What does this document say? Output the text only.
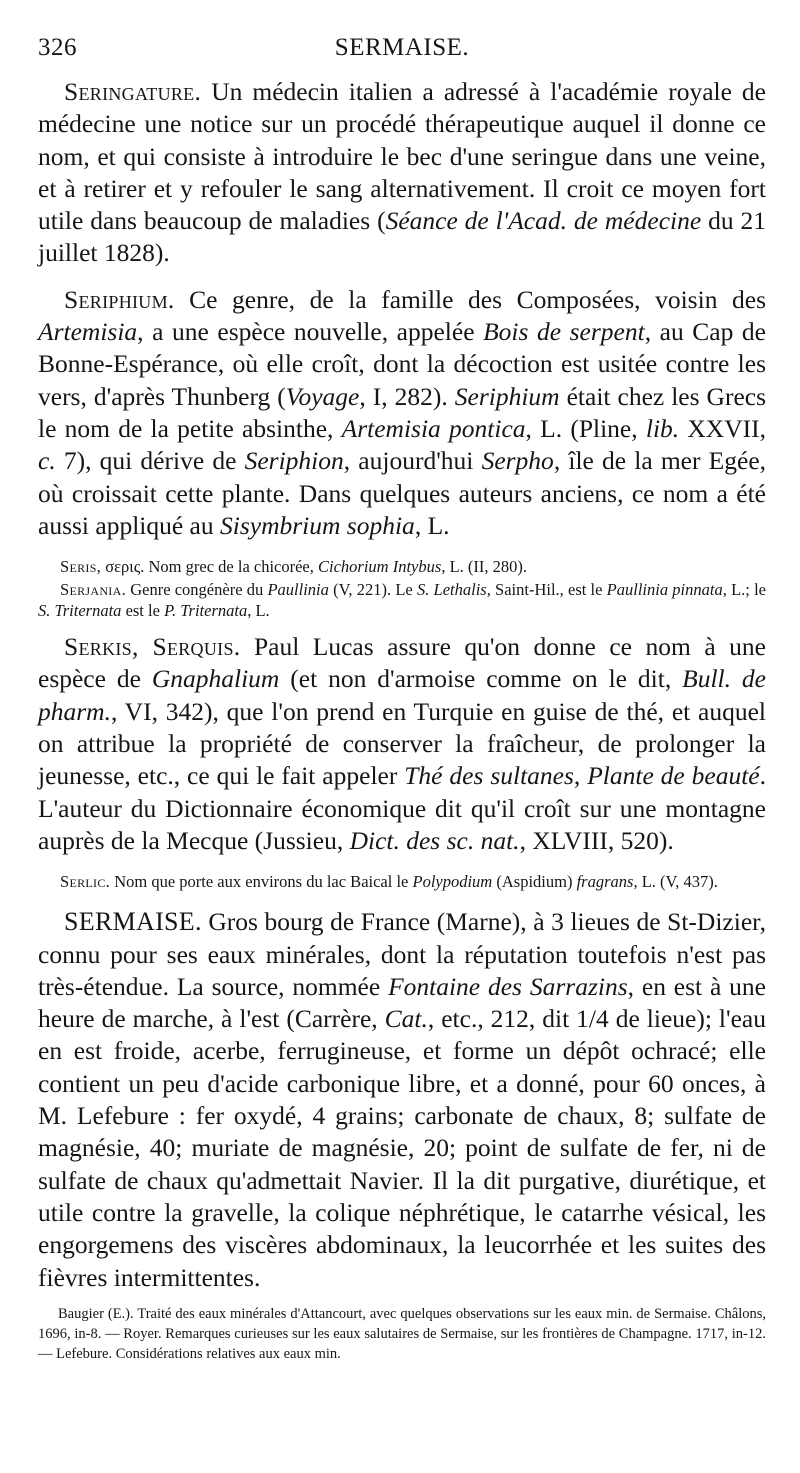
326	SERMAISE.

Seringature. Un médecin italien a adressé à l'académie royale de médecine une notice sur un procédé thérapeutique auquel il donne ce nom, et qui consiste à introduire le bec d'une seringue dans une veine, et à retirer et y refouler le sang alternativement. Il croit ce moyen fort utile dans beaucoup de maladies (Séance de l'Acad. de médecine du 21 juillet 1828).

Seriphium. Ce genre, de la famille des Composées, voisin des Artemisia, a une espèce nouvelle, appelée Bois de serpent, au Cap de Bonne-Espérance, où elle croît, dont la décoction est usitée contre les vers, d'après Thunberg (Voyage, I, 282). Seriphium était chez les Grecs le nom de la petite absinthe, Artemisia pontica, L. (Pline, lib. XXVII, c. 7), qui dérive de Seriphion, aujourd'hui Serpho, île de la mer Egée, où croissait cette plante. Dans quelques auteurs anciens, ce nom a été aussi appliqué au Sisymbrium sophia, L.

Seris, σερις. Nom grec de la chicorée, Cichorium Intybus, L. (II, 280).

Serjania. Genre congénère du Paullinia (V, 221). Le S. Lethalis, Saint-Hil., est le Paullinia pinnata, L.; le S. Triternata est le P. Triternata, L.

Serkis, Serquis. Paul Lucas assure qu'on donne ce nom à une espèce de Gnaphalium (et non d'armoise comme on le dit, Bull. de pharm., VI, 342), que l'on prend en Turquie en guise de thé, et auquel on attribue la propriété de conserver la fraîcheur, de prolonger la jeunesse, etc., ce qui le fait appeler Thé des sultanes, Plante de beauté. L'auteur du Dictionnaire économique dit qu'il croît sur une montagne auprès de la Mecque (Jussieu, Dict. des sc. nat., XLVIII, 520).

Serlic. Nom que porte aux environs du lac Baical le Polypodium (Aspidium) fragrans, L. (V, 437).

SERMAISE. Gros bourg de France (Marne), à 3 lieues de St-Dizier, connu pour ses eaux minérales, dont la réputation toutefois n'est pas très-étendue. La source, nommée Fontaine des Sarrazins, en est à une heure de marche, à l'est (Carrère, Cat., etc., 212, dit 1/4 de lieue); l'eau en est froide, acerbe, ferrugineuse, et forme un dépôt ochracé; elle contient un peu d'acide carbonique libre, et a donné, pour 60 onces, à M. Lefebure : fer oxydé, 4 grains; carbonate de chaux, 8; sulfate de magnésie, 40; muriate de magnésie, 20; point de sulfate de fer, ni de sulfate de chaux qu'admettait Navier. Il la dit purgative, diurétique, et utile contre la gravelle, la colique néphrétique, le catarrhe vésical, les engorgemens des viscères abdominaux, la leucorrhée et les suites des fièvres intermittentes.

Baugier (E.). Traité des eaux minérales d'Attancourt, avec quelques observations sur les eaux min. de Sermaise. Châlons, 1696, in-8. — Royer. Remarques curieuses sur les eaux salutaires de Sermaise, sur les frontières de Champagne. 1717, in-12. — Lefebure. Considérations relatives aux eaux min.
